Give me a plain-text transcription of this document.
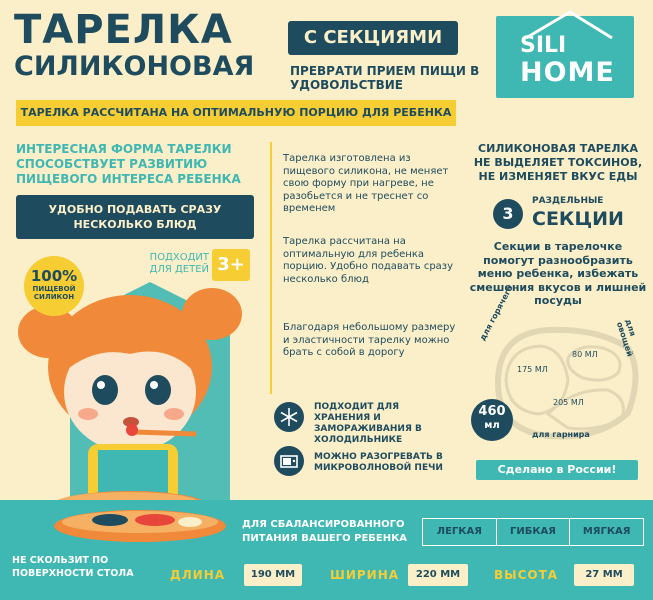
ТАРЕЛКА
СИЛИКОНОВАЯ
С СЕКЦИЯМИ
ПРЕВРАТИ ПРИЕМ ПИЩИ В УДОВОЛЬСТВИЕ
SILI
HOME
ТАРЕЛКА РАССЧИТАНА НА ОПТИМАЛЬНУЮ ПОРЦИЮ ДЛЯ РЕБЕНКА
ИНТЕРЕСНАЯ ФОРМА ТАРЕЛКИ СПОСОБСТВУЕТ РАЗВИТИЮ ПИЩЕВОГО ИНТЕРЕСА РЕБЕНКА
УДОБНО ПОДАВАТЬ СРАЗУ НЕСКОЛЬКО БЛЮД
ПОДХОДИТ ДЛЯ ДЕТЕЙ 3+
100%
ПИЩЕВОЙ
СИЛИКОН
Тарелка изготовлена из пищевого силикона, не меняет свою форму при нагреве, не разобьется и не треснет со временем
Тарелка рассчитана на оптимальную для ребенка порцию. Удобно подавать сразу несколько блюд
Благодаря небольшому размеру и эластичности тарелку можно брать с собой в дорогу
ПОДХОДИТ ДЛЯ ХРАНЕНИЯ И ЗАМОРАЖИВАНИЯ В ХОЛОДИЛЬНИКЕ
МОЖНО РАЗОГРЕВАТЬ В МИКРОВОЛНОВОЙ ПЕЧИ
СИЛИКОНОВАЯ ТАРЕЛКА НЕ ВЫДЕЛЯЕТ ТОКСИНОВ, НЕ ИЗМЕНЯЕТ ВКУС ЕДЫ
3
РАЗДЕЛЬНЫЕ
СЕКЦИИ
Секции в тарелочке помогут разнообразить меню ребенка, избежать смешения вкусов и лишней посуды
175 МЛ
80 МЛ
205 МЛ
для горячего	для овощей
для гарнира
460
мл
Сделано в России!
ДЛЯ СБАЛАНСИРОВАННОГО ПИТАНИЯ ВАШЕГО РЕБЕНКА
ЛЕГКАЯ	ГИБКАЯ	МЯГКАЯ
НЕ СКОЛЬЗИТ ПО ПОВЕРХНОСТИ СТОЛА	ДЛИНА	190 ММ	ШИРИНА	220 ММ	ВЫСОТА	27 ММ
